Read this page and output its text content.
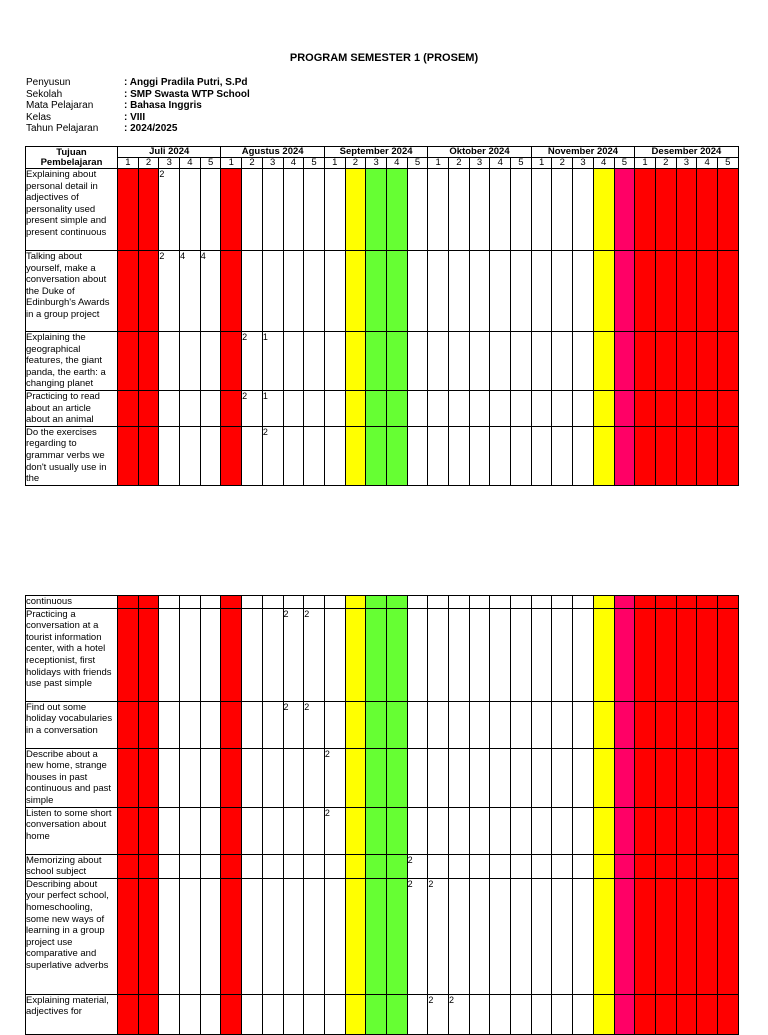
PROGRAM SEMESTER 1 (PROSEM)
Penyusun	: Anggi Pradila Putri, S.Pd
Sekolah	: SMP Swasta WTP School
Mata Pelajaran	: Bahasa Inggris
Kelas	: VIII
Tahun Pelajaran	: 2024/2025
Tujuan Pembelajaran	Juli 2024					Agustus 2024					September 2024					Oktober 2024					November 2024					Desember 2024				
	1	2	3	4	5	1	2	3	4	5	1	2	3	4	5	1	2	3	4	5	1	2	3	4	5	1	2	3	4	5
Explaining about personal detail in adjectives of personality used present simple and present continuous			2																											
Talking about yourself, make a conversation about the Duke of Edinburgh's Awards in a group project			2	4	4																									
Explaining the geographical features, the giant panda, the earth: a changing planet							2	1																						
Practicing to read about an article about an animal							2	1																						
Do the exercises regarding to grammar verbs we don't usually use in the								2																						
continuous																														
Practicing a conversation at a tourist information center, with a hotel receptionist, first holidays with friends use past simple									2	2																				
Find out some holiday vocabularies in a conversation									2	2																				
Describe about a new home, strange houses in past continuous and past simple											2																			
Listen to some short conversation about home											2																			
Memorizing about school subject															2															
Describing about your perfect school, homeschooling, some new ways of learning in a group project use comparative and superlative adverbs															2	2														
Explaining material, adjectives for																2	2													
